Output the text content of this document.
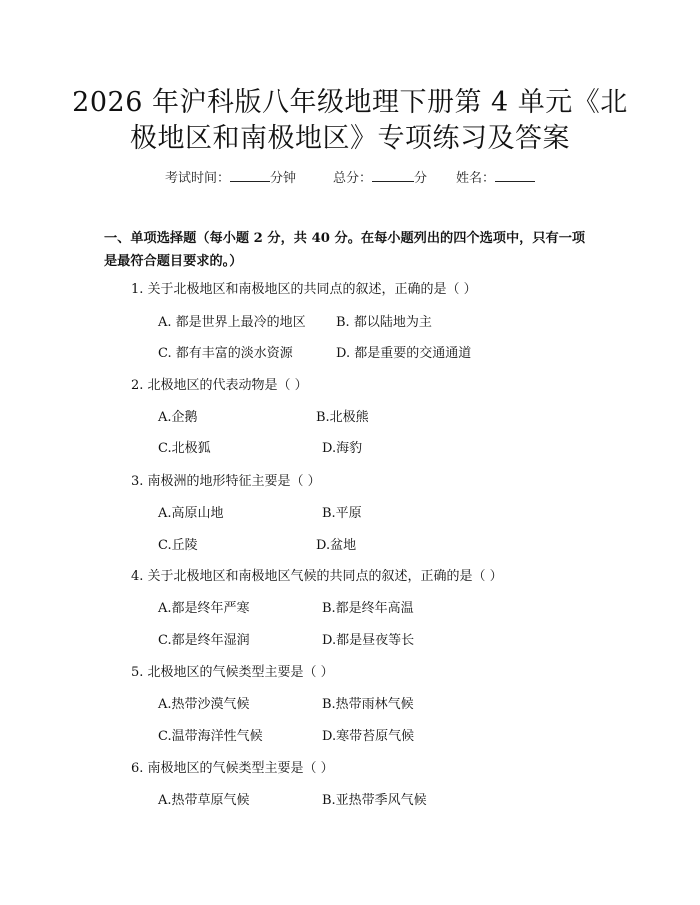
2026 年沪科版八年级地理下册第 4 单元《北
极地区和南极地区》专项练习及答案
考试时间：	分钟	总分：	分 姓名：
一、单项选择题（每小题 2 分，共 40 分。在每小题列出的四个选项中，只有一项
是最符合题目要求的。）
1. 关于北极地区和南极地区的共同点的叙述，正确的是（ ）
A. 都是世界上最冷的地区 B. 都以陆地为主
C. 都有丰富的淡水资源	D. 都是重要的交通通道
2. 北极地区的代表动物是（ ）
A.企鹅	B.北极熊
C.北极狐	D.海豹
3. 南极洲的地形特征主要是（ ）
A.高原山地	B.平原
C.丘陵	D.盆地
4. 关于北极地区和南极地区气候的共同点的叙述，正确的是（ ）
A.都是终年严寒	B.都是终年高温
C.都是终年湿润	D.都是昼夜等长
5. 北极地区的气候类型主要是（ ）
A.热带沙漠气候	B.热带雨林气候
C.温带海洋性气候	D.寒带苔原气候
6. 南极地区的气候类型主要是（ ）
A.热带草原气候	B.亚热带季风气候
